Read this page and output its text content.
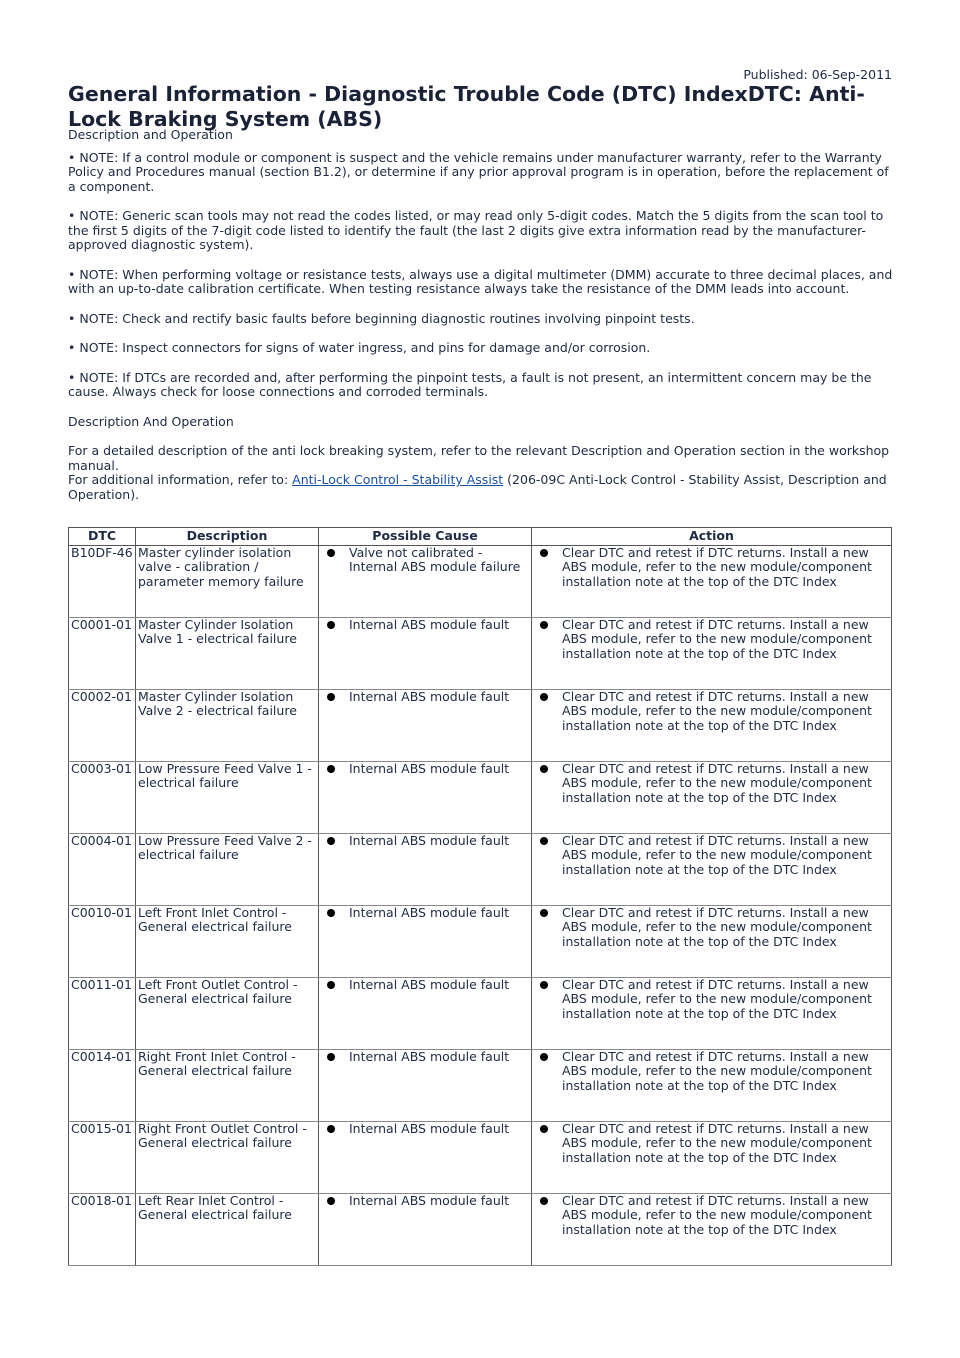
Published: 06-Sep-2011
General Information - Diagnostic Trouble Code (DTC) IndexDTC: Anti-Lock Braking System (ABS)

Description and Operation

• NOTE: If a control module or component is suspect and the vehicle remains under manufacturer warranty, refer to the Warranty Policy and Procedures manual (section B1.2), or determine if any prior approval program is in operation, before the replacement of a component.

• NOTE: Generic scan tools may not read the codes listed, or may read only 5-digit codes. Match the 5 digits from the scan tool to the first 5 digits of the 7-digit code listed to identify the fault (the last 2 digits give extra information read by the manufacturer-approved diagnostic system).

• NOTE: When performing voltage or resistance tests, always use a digital multimeter (DMM) accurate to three decimal places, and with an up-to-date calibration certificate. When testing resistance always take the resistance of the DMM leads into account.

• NOTE: Check and rectify basic faults before beginning diagnostic routines involving pinpoint tests.

• NOTE: Inspect connectors for signs of water ingress, and pins for damage and/or corrosion.

• NOTE: If DTCs are recorded and, after performing the pinpoint tests, a fault is not present, an intermittent concern may be the cause. Always check for loose connections and corroded terminals.

Description And Operation

For a detailed description of the anti lock breaking system, refer to the relevant Description and Operation section in the workshop manual.

For additional information, refer to: Anti-Lock Control - Stability Assist (206-09C Anti-Lock Control - Stability Assist, Description and Operation).

DTC	Description	Possible Cause	Action
B10DF-46	Master cylinder isolation valve - calibration / parameter memory failure	Valve not calibrated - Internal ABS module failure	Clear DTC and retest if DTC returns. Install a new ABS module, refer to the new module/component installation note at the top of the DTC Index

C0001-01	Master Cylinder Isolation Valve 1 - electrical failure	Internal ABS module fault	Clear DTC and retest if DTC returns. Install a new ABS module, refer to the new module/component installation note at the top of the DTC Index

C0002-01	Master Cylinder Isolation Valve 2 - electrical failure	Internal ABS module fault	Clear DTC and retest if DTC returns. Install a new ABS module, refer to the new module/component installation note at the top of the DTC Index

C0003-01	Low Pressure Feed Valve 1 - electrical failure	Internal ABS module fault	Clear DTC and retest if DTC returns. Install a new ABS module, refer to the new module/component installation note at the top of the DTC Index

C0004-01	Low Pressure Feed Valve 2 - electrical failure	Internal ABS module fault	Clear DTC and retest if DTC returns. Install a new ABS module, refer to the new module/component installation note at the top of the DTC Index

C0010-01	Left Front Inlet Control - General electrical failure	Internal ABS module fault	Clear DTC and retest if DTC returns. Install a new ABS module, refer to the new module/component installation note at the top of the DTC Index

C0011-01	Left Front Outlet Control - General electrical failure	Internal ABS module fault	Clear DTC and retest if DTC returns. Install a new ABS module, refer to the new module/component installation note at the top of the DTC Index

C0014-01	Right Front Inlet Control - General electrical failure	Internal ABS module fault	Clear DTC and retest if DTC returns. Install a new ABS module, refer to the new module/component installation note at the top of the DTC Index

C0015-01	Right Front Outlet Control - General electrical failure	Internal ABS module fault	Clear DTC and retest if DTC returns. Install a new ABS module, refer to the new module/component installation note at the top of the DTC Index

C0018-01	Left Rear Inlet Control - General electrical failure	Internal ABS module fault	Clear DTC and retest if DTC returns. Install a new ABS module, refer to the new module/component installation note at the top of the DTC Index
